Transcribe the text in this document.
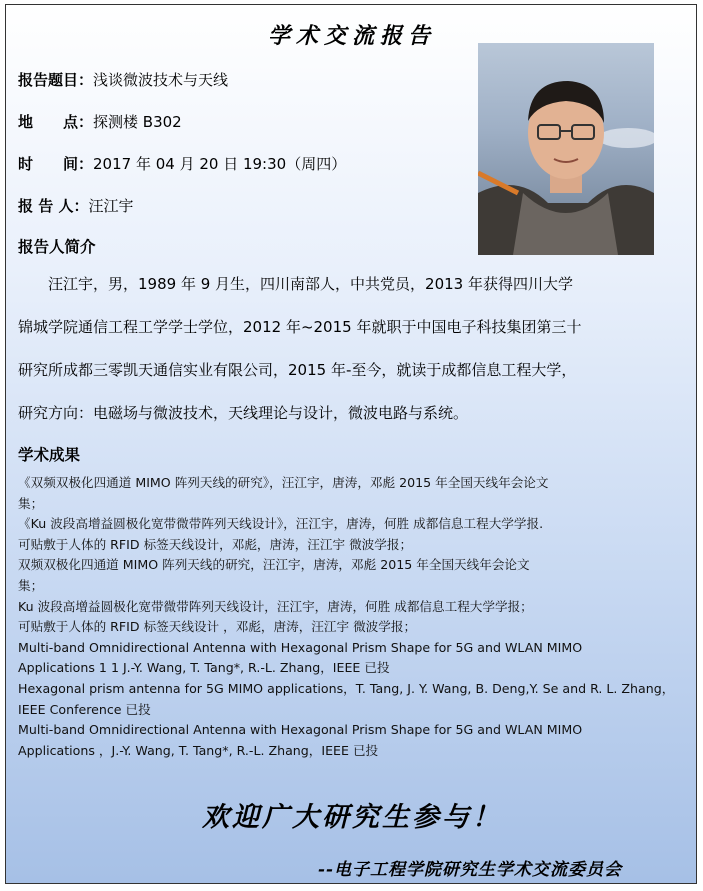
学术交流报告
报告题目：浅谈微波技术与天线
地　　点：探测楼 B302
时　　间：2017 年 04 月 20 日 19:30（周四）
报 告 人：汪江宇
报告人简介
　　汪江宇，男，1989 年 9 月生，四川南部人，中共党员，2013 年获得四川大学
锦城学院通信工程工学学士学位，2012 年~2015 年就职于中国电子科技集团第三十
研究所成都三零凯天通信实业有限公司，2015 年-至今，就读于成都信息工程大学，
研究方向：电磁场与微波技术，天线理论与设计，微波电路与系统。
学术成果
《双频双极化四通道 MIMO 阵列天线的研究》，汪江宇，唐涛，邓彪 2015 年全国天线年会论文
集；
《Ku 波段高增益圆极化宽带微带阵列天线设计》，汪江宇，唐涛，何胜 成都信息工程大学学报.
可贴敷于人体的 RFID 标签天线设计，邓彪，唐涛，汪江宇 微波学报；
双频双极化四通道 MIMO 阵列天线的研究，汪江宇，唐涛，邓彪 2015 年全国天线年会论文
集；
Ku 波段高增益圆极化宽带微带阵列天线设计，汪江宇，唐涛，何胜 成都信息工程大学学报；
可贴敷于人体的 RFID 标签天线设计 ，邓彪，唐涛，汪江宇 微波学报；
Multi-band Omnidirectional Antenna with Hexagonal Prism Shape for 5G and WLAN MIMO
Applications 1 1 J.-Y. Wang, T. Tang*, R.-L. Zhang，IEEE 已投
Hexagonal prism antenna for 5G MIMO applications，T. Tang, J. Y. Wang, B. Deng,Y. Se and R. L. Zhang，
IEEE Conference 已投
Multi-band Omnidirectional Antenna with Hexagonal Prism Shape for 5G and WLAN MIMO
Applications ，J.-Y. Wang, T. Tang*, R.-L. Zhang，IEEE 已投
欢迎广大研究生参与！
--电子工程学院研究生学术交流委员会
